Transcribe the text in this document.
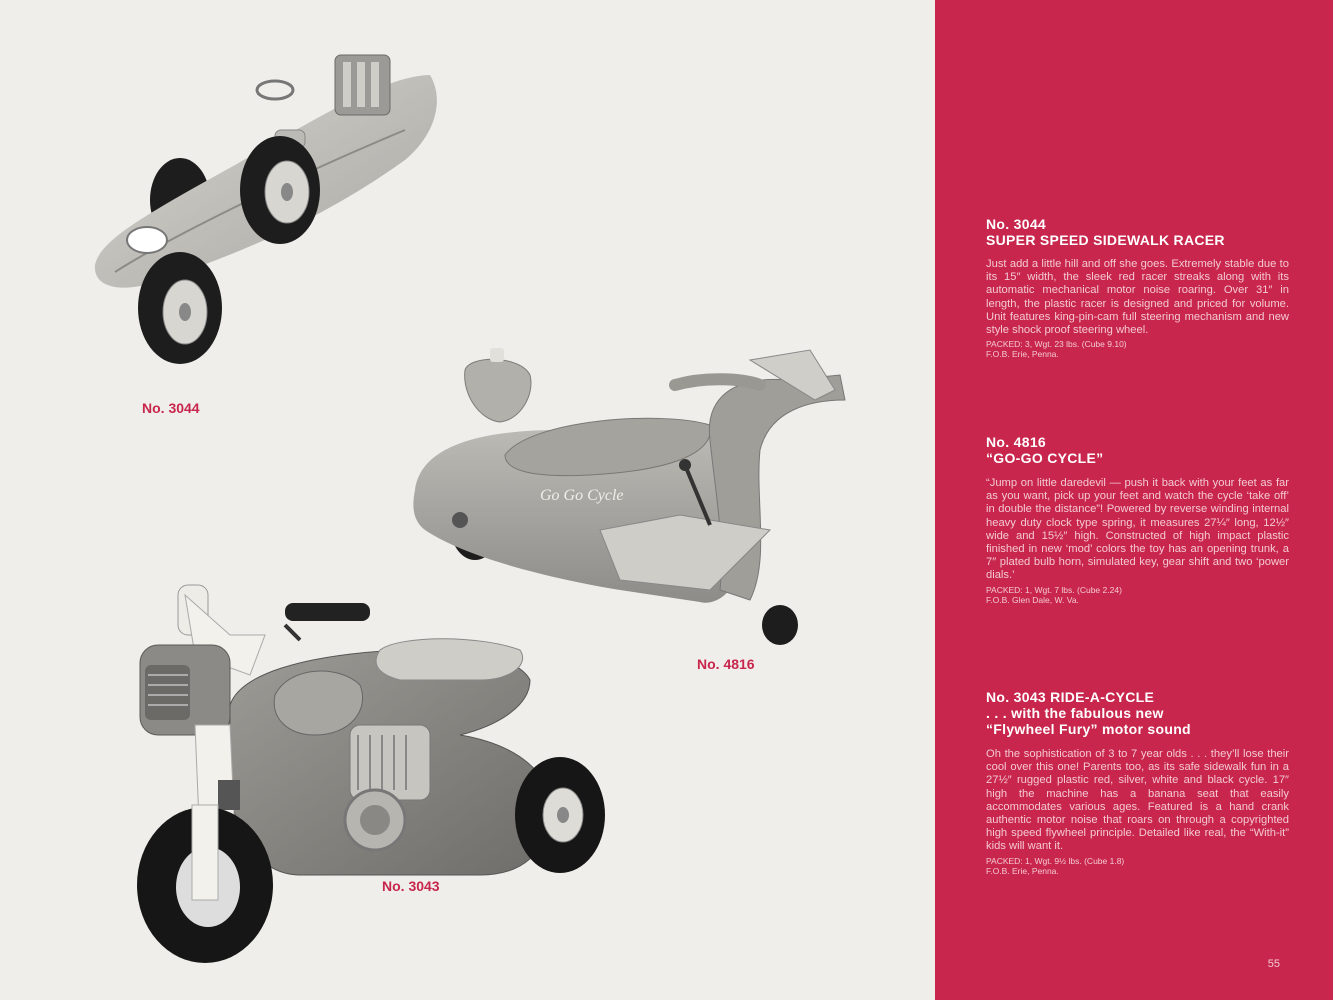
No. 3044
Go Go Cycle
No. 4816
No. 3043
No. 3044
SUPER SPEED SIDEWALK RACER

Just add a little hill and off she goes. Extremely stable due to its 15″ width, the sleek red racer streaks along with its automatic mechanical motor noise roaring. Over 31″ in length, the plastic racer is designed and priced for volume. Unit features king-pin-cam full steering mechanism and new style shock proof steering wheel.

PACKED: 3, Wgt. 23 lbs. (Cube 9.10)

F.O.B. Erie, Penna.

No. 4816
“GO-GO CYCLE”

“Jump on little daredevil — push it back with your feet as far as you want, pick up your feet and watch the cycle ‘take off’ in double the distance”! Powered by reverse winding internal heavy duty clock type spring, it measures 27¼″ long, 12½″ wide and 15½″ high. Constructed of high impact plastic finished in new ‘mod’ colors the toy has an opening trunk, a 7″ plated bulb horn, simulated key, gear shift and two ‘power dials.’

PACKED: 1, Wgt. 7 lbs. (Cube 2.24)

F.O.B. Glen Dale, W. Va.

No. 3043 RIDE-A-CYCLE
. . . with the fabulous new
“Flywheel Fury” motor sound

Oh the sophistication of 3 to 7 year olds . . . they’ll lose their cool over this one! Parents too, as its safe sidewalk fun in a 27½″ rugged plastic red, silver, white and black cycle. 17″ high the machine has a banana seat that easily accommodates various ages. Featured is a hand crank authentic motor noise that roars on through a copyrighted high speed flywheel principle. Detailed like real, the “With-it” kids will want it.

PACKED: 1, Wgt. 9½ lbs. (Cube 1.8)

F.O.B. Erie, Penna.

55
